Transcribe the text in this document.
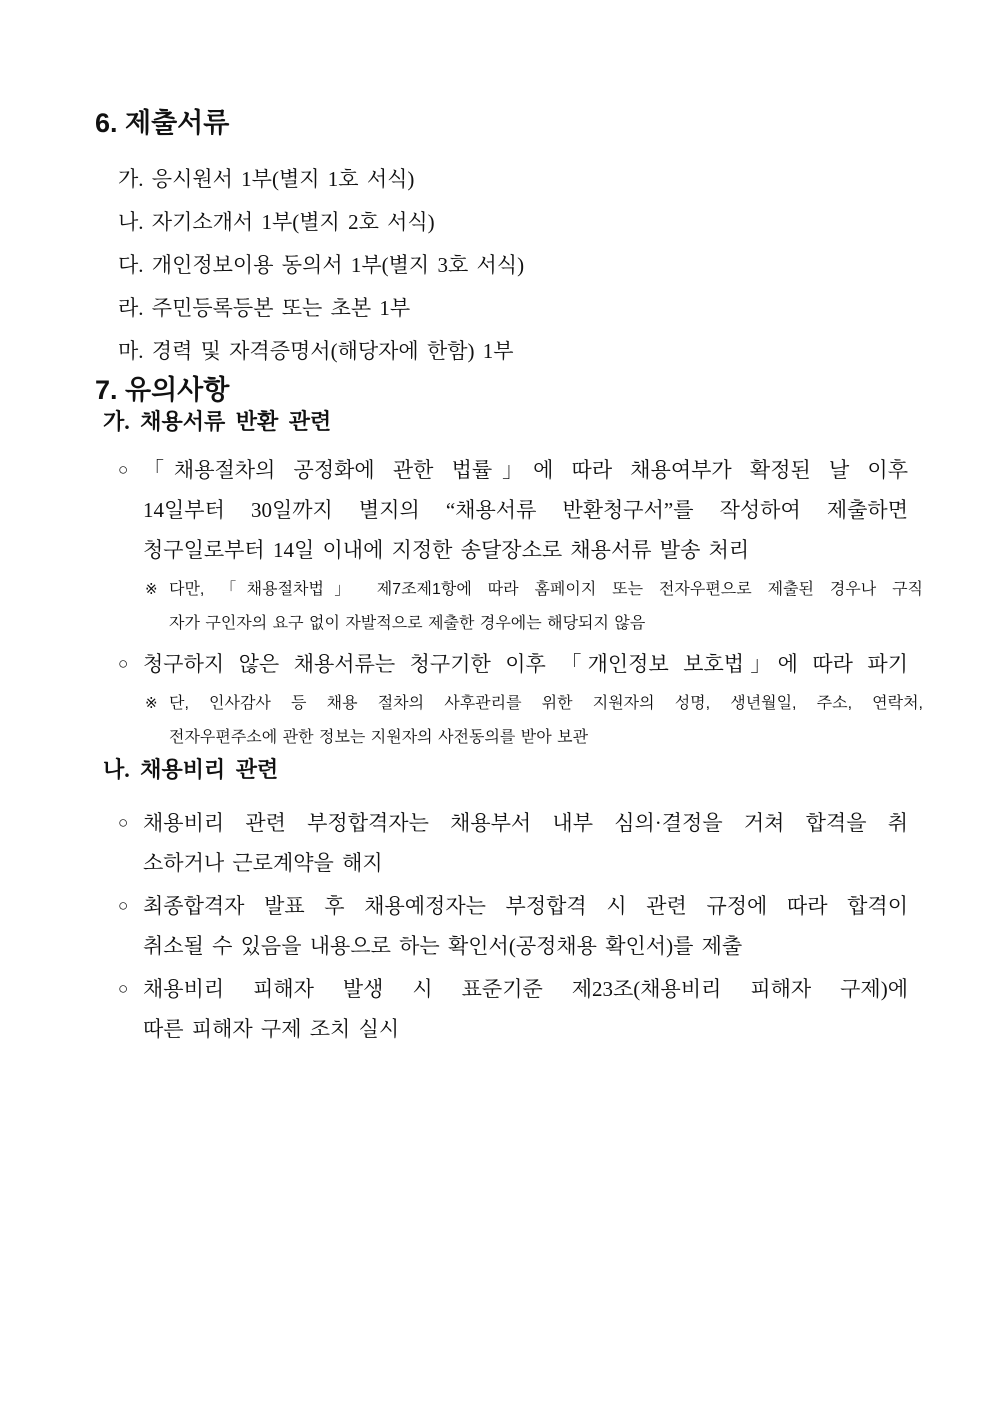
6. 제출서류
가. 응시원서 1부(별지 1호 서식)
나. 자기소개서 1부(별지 2호 서식)
다. 개인정보이용 동의서 1부(별지 3호 서식)
라. 주민등록등본 또는 초본 1부
마. 경력 및 자격증명서(해당자에 한함) 1부
7. 유의사항
가. 채용서류 반환 관련
○ 「채용절차의 공정화에 관한 법률」에 따라 채용여부가 확정된 날 이후
14일부터 30일까지 별지의 “채용서류 반환청구서”를 작성하여 제출하면
청구일로부터 14일 이내에 지정한 송달장소로 채용서류 발송 처리
※ 다만, 「채용절차법」 제7조제1항에 따라 홈페이지 또는 전자우편으로 제출된 경우나 구직
자가 구인자의 요구 없이 자발적으로 제출한 경우에는 해당되지 않음
○ 청구하지 않은 채용서류는 청구기한 이후 「개인정보 보호법」에 따라 파기
※ 단, 인사감사 등 채용 절차의 사후관리를 위한 지원자의 성명, 생년월일, 주소, 연락처,
전자우편주소에 관한 정보는 지원자의 사전동의를 받아 보관
나. 채용비리 관련
○ 채용비리 관련 부정합격자는 채용부서 내부 심의·결정을 거쳐 합격을 취
소하거나 근로계약을 해지
○ 최종합격자 발표 후 채용예정자는 부정합격 시 관련 규정에 따라 합격이
취소될 수 있음을 내용으로 하는 확인서(공정채용 확인서)를 제출
○ 채용비리 피해자 발생 시 표준기준 제23조(채용비리 피해자 구제)에
따른 피해자 구제 조치 실시
